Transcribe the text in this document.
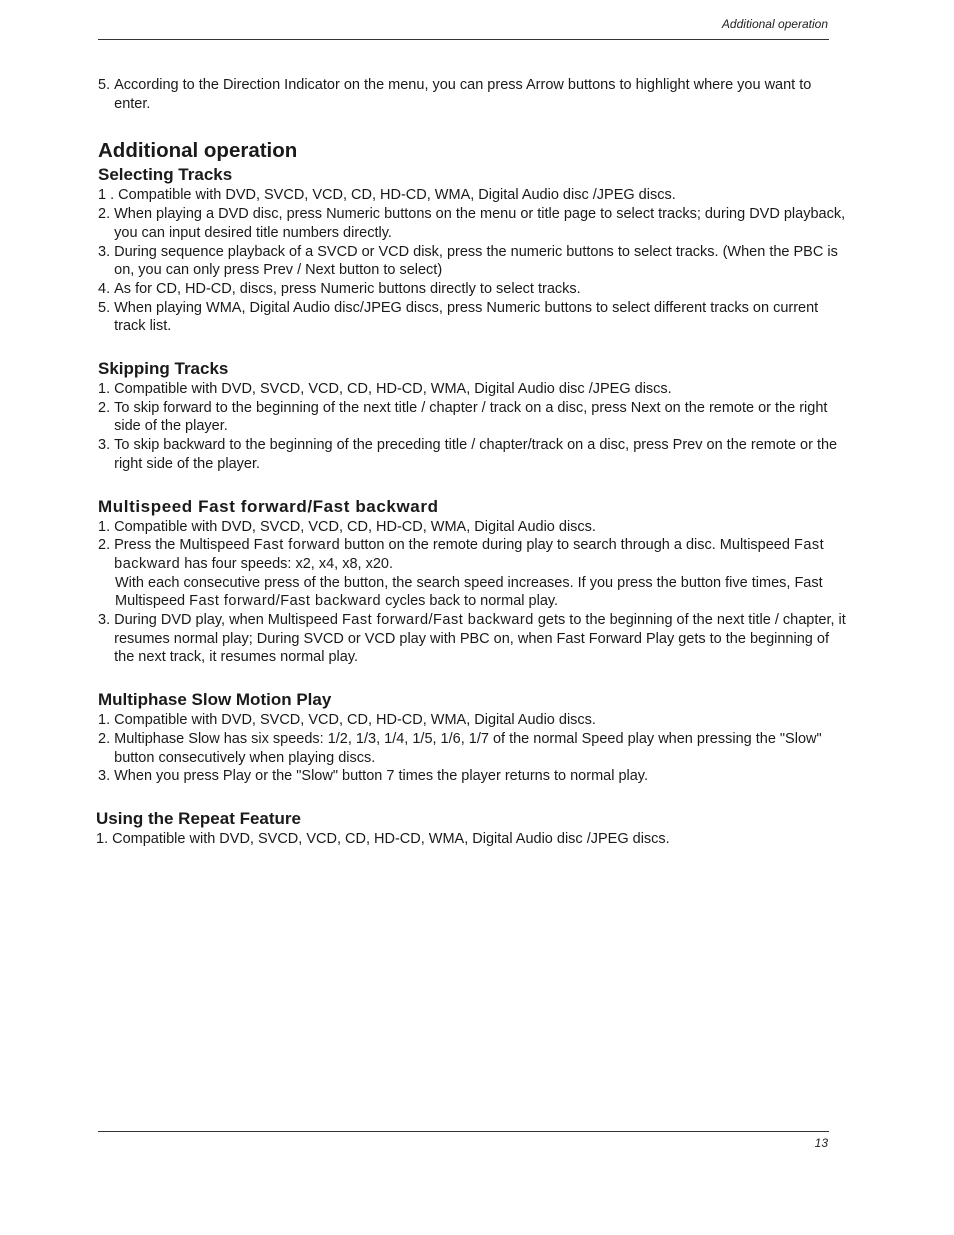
Additional operation
5. According to the Direction Indicator on the menu, you can press Arrow buttons to highlight where you want to enter.
Additional operation
Selecting Tracks
1 . Compatible with DVD, SVCD, VCD, CD, HD-CD, WMA, Digital Audio disc /JPEG discs.
2. When playing a DVD disc, press Numeric buttons on the menu or title page to select tracks; during DVD playback, you can input desired title numbers directly.
3. During sequence playback of a SVCD or VCD disk, press the numeric buttons to select tracks. (When the PBC is on, you can only press Prev / Next button to select)
4. As for CD, HD-CD, discs, press Numeric buttons directly to select tracks.
5. When playing WMA, Digital Audio disc/JPEG discs, press Numeric buttons to select different tracks on current track list.
Skipping Tracks
1. Compatible with DVD, SVCD, VCD, CD, HD-CD, WMA, Digital Audio disc /JPEG discs.
2. To skip forward to the beginning of the next title / chapter / track on a disc, press Next on the remote or the right side of the player.
3. To skip backward to the beginning of the preceding title / chapter/track on a disc, press Prev on the remote or the right side of the player.
Multispeed Fast forward/Fast backward
1. Compatible with DVD, SVCD, VCD, CD, HD-CD, WMA, Digital Audio discs.
2. Press the Multispeed Fast forward button on the remote during play to search through a disc. Multispeed Fast backward has four speeds: x2, x4, x8, x20.
With each consecutive press of the button, the search speed increases. If you press the button five times, Fast Multispeed Fast forward/Fast backward cycles back to normal play.
3. During DVD play, when Multispeed Fast forward/Fast backward gets to the beginning of the next title / chapter, it resumes normal play; During SVCD or VCD play with PBC on, when Fast Forward Play gets to the beginning of the next track, it resumes normal play.
Multiphase Slow Motion Play
1. Compatible with DVD, SVCD, VCD, CD, HD-CD, WMA, Digital Audio discs.
2. Multiphase Slow has six speeds: 1/2, 1/3, 1/4, 1/5, 1/6, 1/7 of the normal Speed play when pressing the "Slow" button consecutively when playing discs.
3. When you press Play or the "Slow" button 7 times the player returns to normal play.
Using the Repeat Feature
1. Compatible with DVD, SVCD, VCD, CD, HD-CD, WMA, Digital Audio disc /JPEG discs.
13
